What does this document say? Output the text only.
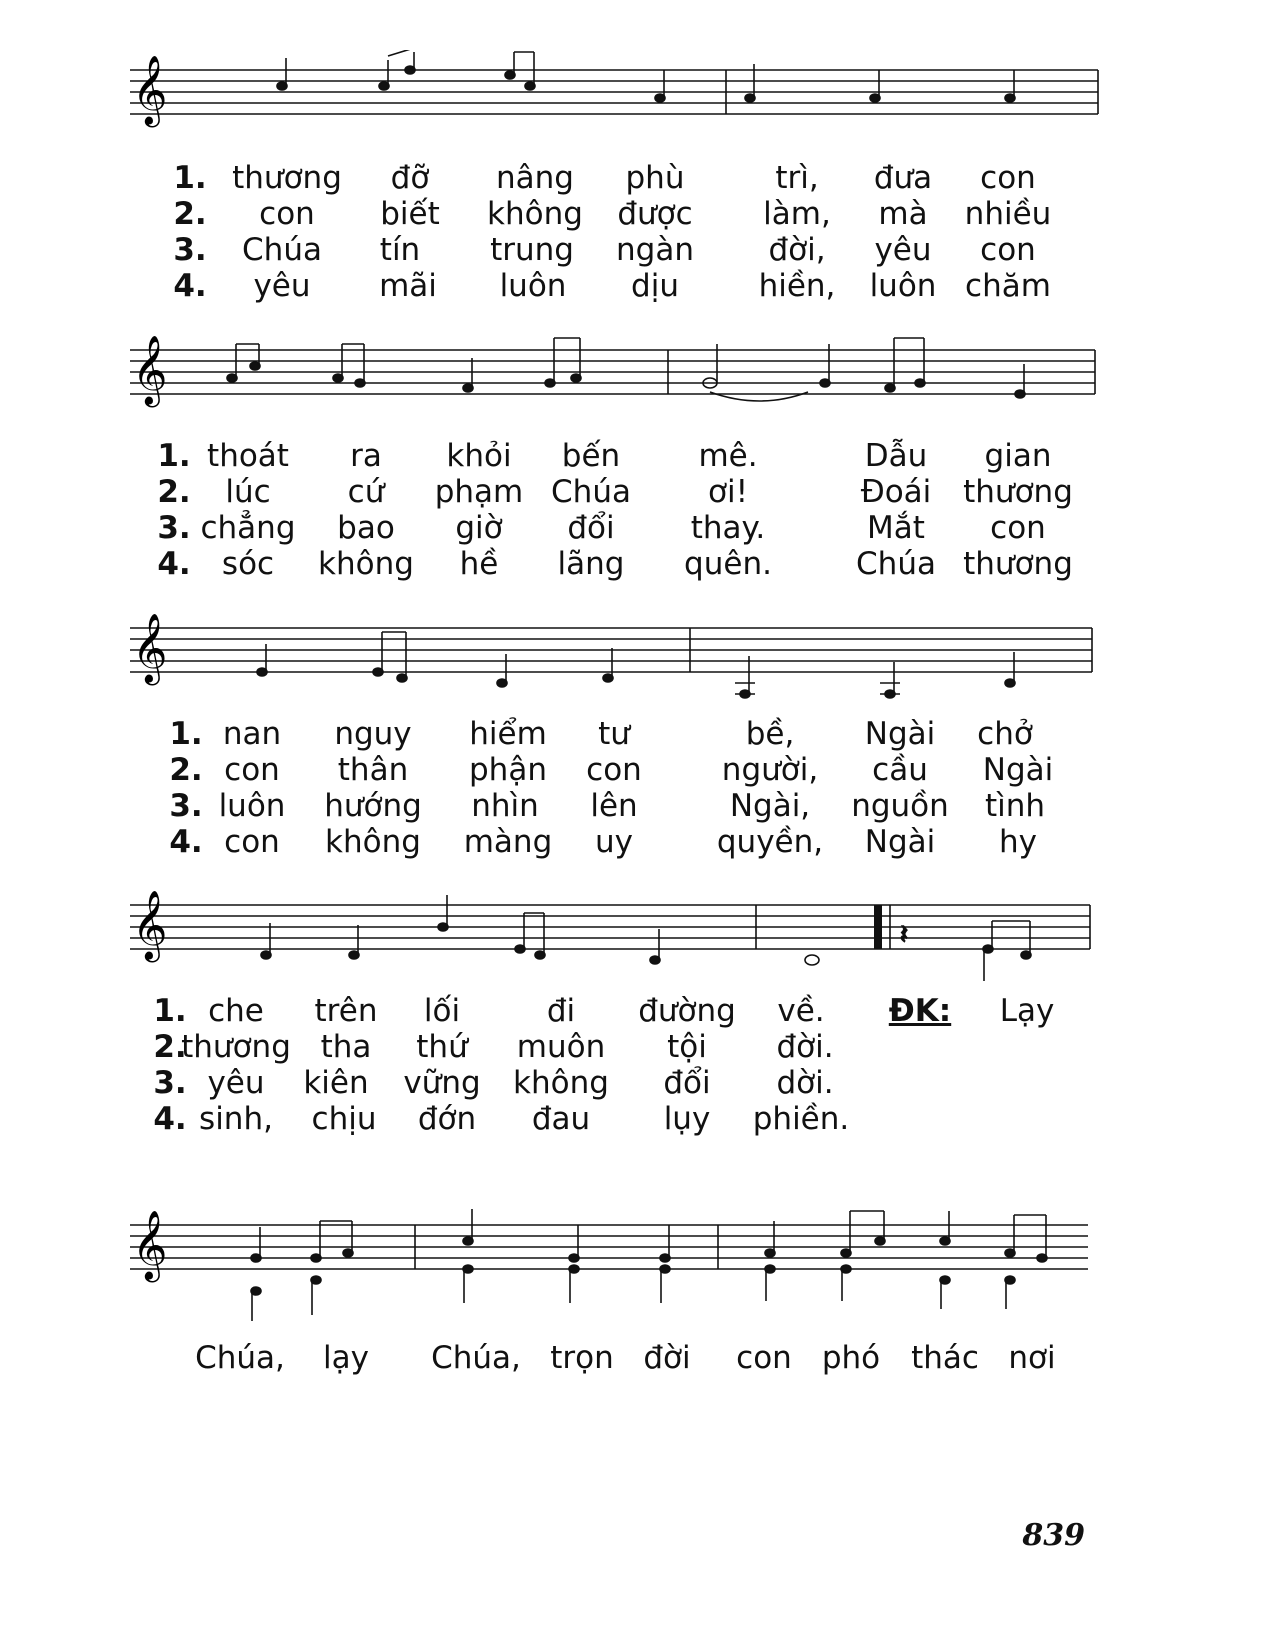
𝄞
1. thương đỡ nâng phù	trì, đưa con
2. con biết không được làm, mà nhiều
3. Chúa tín trung ngàn đời, yêu con
4. yêu mãi luôn dịu	hiền, luôn chăm
𝄞
1. thoát ra khỏi bến	mê.	Dẫu gian
2. lúc cứ phạm Chúa ơi!	Đoái thương
3. chẳng bao giờ đổi thay.	Mắt con
4. sóc không hề lãng quên.	Chúa thương
𝄞
1. nan nguy hiểm tư	bề, Ngài chở
2. con thân phận con	người, cầu Ngài
3. luôn hướng nhìn lên	Ngài, nguồn tình
4. con không màng uy	quyền, Ngài hy
𝄞	𝄽
1. che trên lối	đi đường về. ĐK: Lạy
2.
thương tha thứ muôn tội đời.
3. yêu kiên vững không đổi dời.
4. sinh, chịu đớn đau lụy phiền.
𝄞
Chúa, lạy Chúa, trọn đời con phó thác nơi
839
